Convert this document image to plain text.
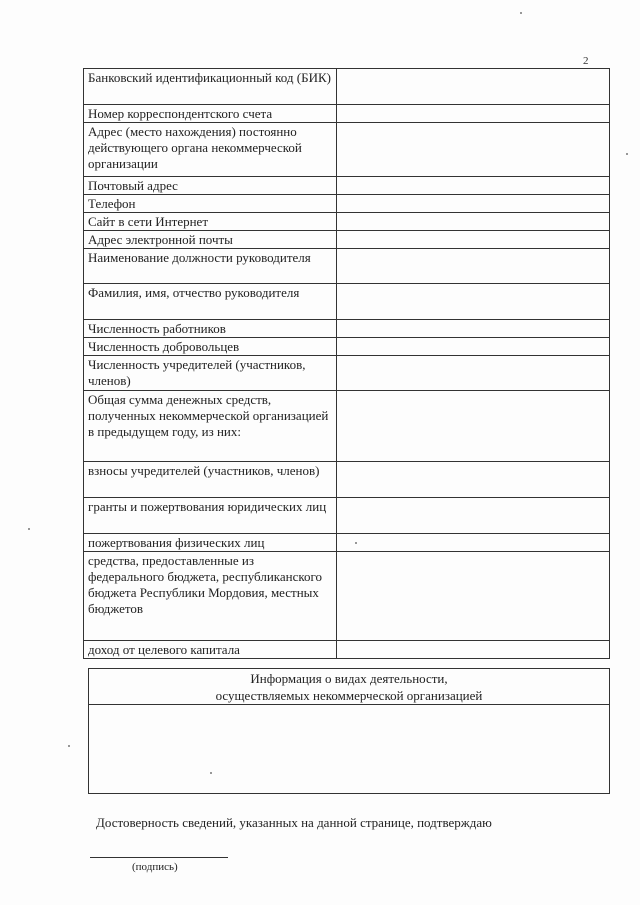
2
Банковский идентификационный код (БИК)	
Номер корреспондентского счета	
Адрес (место нахождения) постоянно действующего органа некоммерческой организации	
Почтовый адрес	
Телефон	
Сайт в сети Интернет	
Адрес электронной почты	
Наименование должности руководителя	
Фамилия, имя, отчество руководителя	
Численность работников	
Численность добровольцев	
Численность учредителей (участников, членов)	
Общая сумма денежных средств, полученных некоммерческой организацией в предыдущем году, из них:	
взносы учредителей (участников, членов)	
гранты и пожертвования юридических лиц	
пожертвования физических лиц	
средства, предоставленные из федерального бюджета, республиканского бюджета Республики Мордовия, местных бюджетов	
доход от целевого капитала	
Информация о видах деятельности,
осуществляемых некоммерческой организацией
Достоверность сведений, указанных на данной странице, подтверждаю
(подпись)
